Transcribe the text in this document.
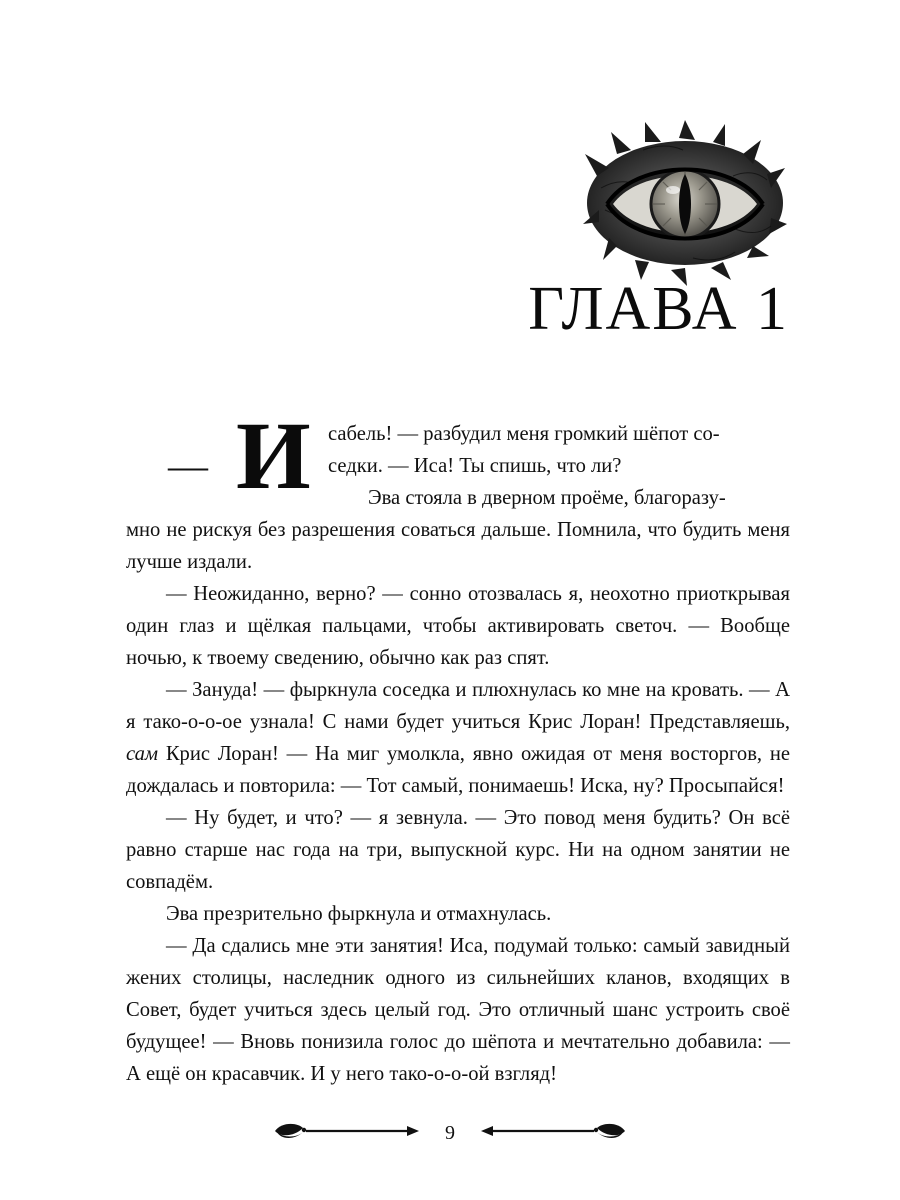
ГЛАВА 1

— И сабель! — разбудил меня громкий шёпот со-
седки. — Иса! Ты спишь, что ли?
Эва стояла в дверном проёме, благоразу-
мно не рискуя без разрешения соваться дальше. Помнила, что будить меня лучше издали.

— Неожиданно, верно? — сонно отозвалась я, неохотно приоткрывая один глаз и щёлкая пальцами, чтобы активировать светоч. — Вообще ночью, к твоему сведению, обычно как раз спят.

— Зануда! — фыркнула соседка и плюхнулась ко мне на кровать. — А я тако-о-о-ое узнала! С нами будет учиться Крис Лоран! Представляешь, сам Крис Лоран! — На миг умолкла, явно ожидая от меня восторгов, не дождалась и повторила: — Тот самый, понимаешь! Иска, ну? Просыпайся!

— Ну будет, и что? — я зевнула. — Это повод меня будить? Он всё равно старше нас года на три, выпускной курс. Ни на одном занятии не совпадём.

Эва презрительно фыркнула и отмахнулась.

— Да сдались мне эти занятия! Иса, подумай только: самый завидный жених столицы, наследник одного из сильнейших кланов, входящих в Совет, будет учиться здесь целый год. Это отличный шанс устроить своё будущее! — Вновь понизила голос до шёпота и мечтательно добавила: — А ещё он красавчик. И у него тако-о-о-ой взгляд!

9
